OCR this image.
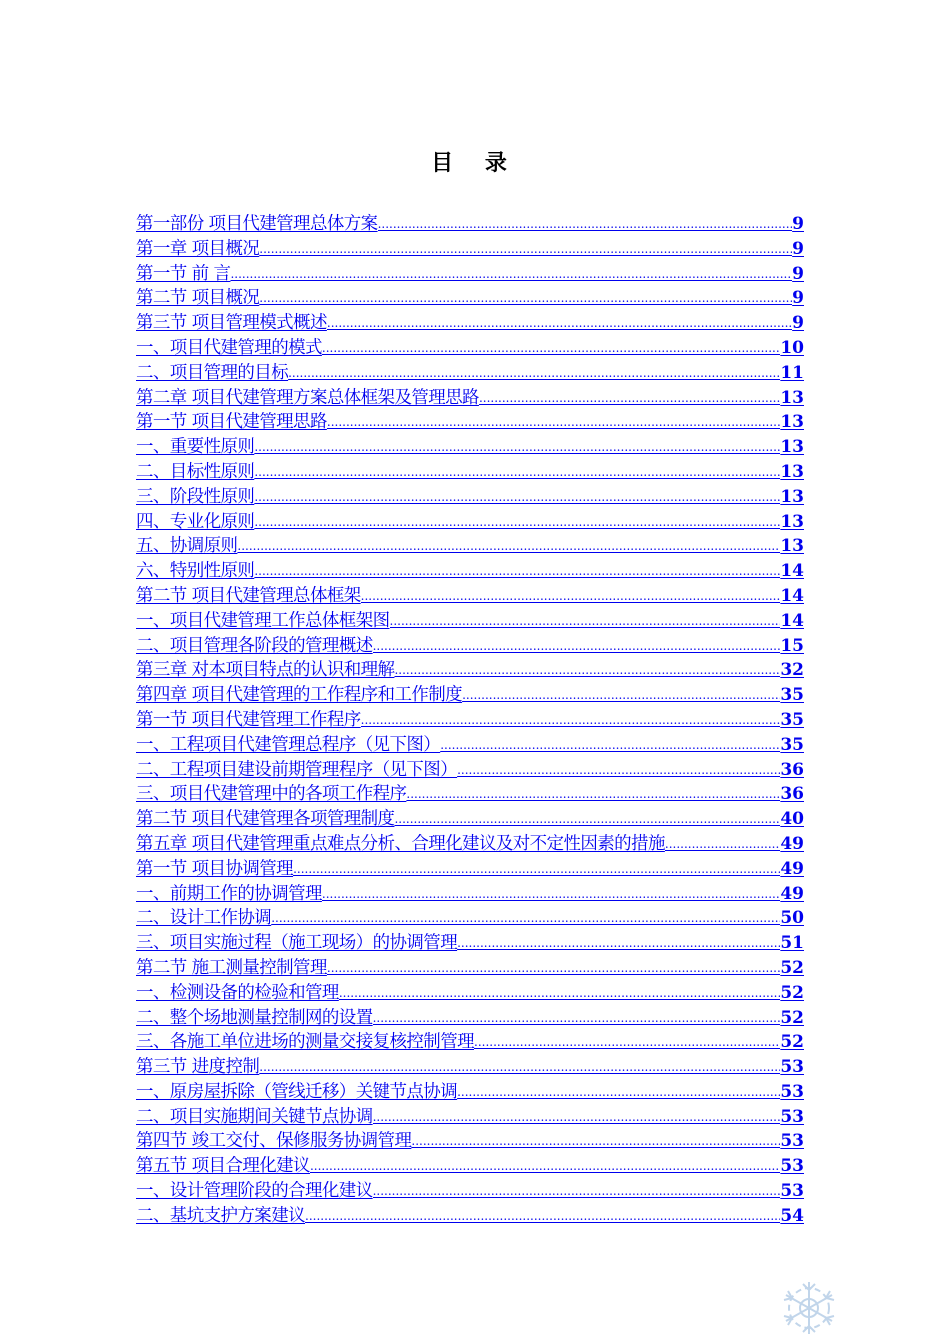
目 录
第一部份 项目代建管理总体方案 .....	9
第一章 项目概况 .....	9
第一节 前 言 .....	9
第二节 项目概况 .....	9
第三节 项目管理模式概述 .....	9
一、项目代建管理的模式 .....	10
二、项目管理的目标 .....	11
第二章 项目代建管理方案总体框架及管理思路 .....	13
第一节 项目代建管理思路 .....	13
一、重要性原则 .....	13
二、目标性原则 .....	13
三、阶段性原则 .....	13
四、专业化原则 .....	13
五、协调原则 .....	13
六、特别性原则 .....	14
第二节 项目代建管理总体框架 .....	14
一、项目代建管理工作总体框架图 .....	14
二、项目管理各阶段的管理概述 .....	15
第三章 对本项目特点的认识和理解 .....	32
第四章 项目代建管理的工作程序和工作制度 .....	35
第一节 项目代建管理工作程序 .....	35
一、工程项目代建管理总程序（见下图） .....	35
二、工程项目建设前期管理程序（见下图） .....	36
三、项目代建管理中的各项工作程序 .....	36
第二节 项目代建管理各项管理制度 .....	40
第五章 项目代建管理重点难点分析、合理化建议及对不定性因素的措施 .....	49
第一节 项目协调管理 .....	49
一、前期工作的协调管理 .....	49
二、设计工作协调 .....	50
三、项目实施过程（施工现场）的协调管理 .....	51
第二节 施工测量控制管理 .....	52
一、检测设备的检验和管理 .....	52
二、整个场地测量控制网的设置 .....	52
三、各施工单位进场的测量交接复核控制管理 .....	52
第三节 进度控制 .....	53
一、原房屋拆除（管线迁移）关键节点协调 .....	53
二、项目实施期间关键节点协调 .....	53
第四节 竣工交付、保修服务协调管理 .....	53
第五节 项目合理化建议 .....	53
一、设计管理阶段的合理化建议 .....	53
二、基坑支护方案建议 .....	54
